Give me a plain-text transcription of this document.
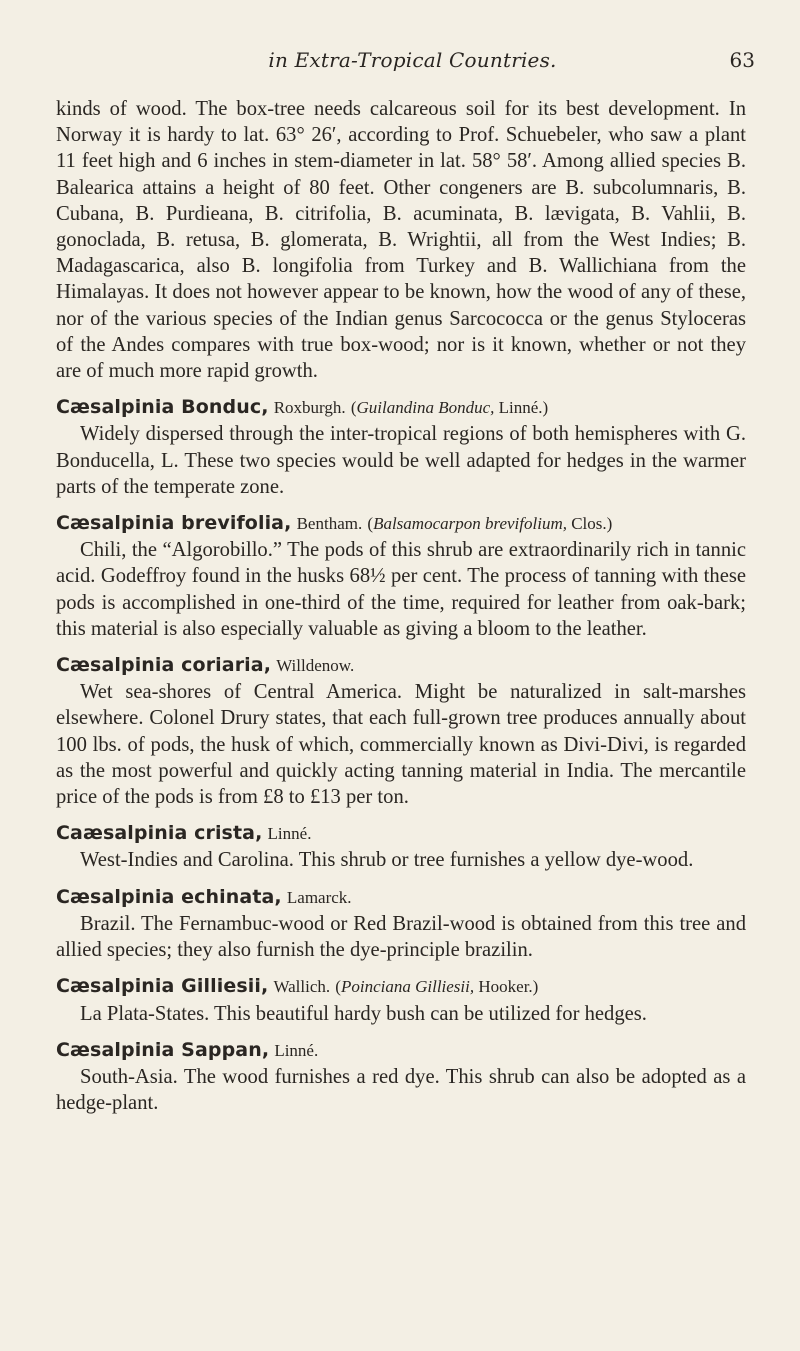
in Extra-Tropical Countries.	63

kinds of wood. The box-tree needs calcareous soil for its best development. In Norway it is hardy to lat. 63° 26′, according to Prof. Schuebeler, who saw a plant 11 feet high and 6 inches in stem-diameter in lat. 58° 58′. Among allied species B. Balearica attains a height of 80 feet. Other congeners are B. subcolumnaris, B. Cubana, B. Purdieana, B. citrifolia, B. acuminata, B. lævigata, B. Vahlii, B. gonoclada, B. retusa, B. glomerata, B. Wrightii, all from the West Indies; B. Madagascarica, also B. longifolia from Turkey and B. Wallichiana from the Himalayas. It does not however appear to be known, how the wood of any of these, nor of the various species of the Indian genus Sarcococca or the genus Styloceras of the Andes compares with true box-wood; nor is it known, whether or not they are of much more rapid growth.

Cæsalpinia Bonduc, Roxburgh. (Guilandina Bonduc, Linné.)

Widely dispersed through the inter-tropical regions of both hemispheres with G. Bonducella, L. These two species would be well adapted for hedges in the warmer parts of the temperate zone.

Cæsalpinia brevifolia, Bentham. (Balsamocarpon brevifolium, Clos.)

Chili, the “Algorobillo.” The pods of this shrub are extraordinarily rich in tannic acid. Godeffroy found in the husks 68½ per cent. The process of tanning with these pods is accomplished in one-third of the time, required for leather from oak-bark; this material is also especially valuable as giving a bloom to the leather.

Cæsalpinia coriaria, Willdenow.

Wet sea-shores of Central America. Might be naturalized in salt-marshes elsewhere. Colonel Drury states, that each full-grown tree produces annually about 100 lbs. of pods, the husk of which, commercially known as Divi-Divi, is regarded as the most powerful and quickly acting tanning material in India. The mercantile price of the pods is from £8 to £13 per ton.

Caæsalpinia crista, Linné.

West-Indies and Carolina. This shrub or tree furnishes a yellow dye-wood.

Cæsalpinia echinata, Lamarck.

Brazil. The Fernambuc-wood or Red Brazil-wood is obtained from this tree and allied species; they also furnish the dye-principle brazilin.

Cæsalpinia Gilliesii, Wallich. (Poinciana Gilliesii, Hooker.)

La Plata-States. This beautiful hardy bush can be utilized for hedges.

Cæsalpinia Sappan, Linné.

South-Asia. The wood furnishes a red dye. This shrub can also be adopted as a hedge-plant.
